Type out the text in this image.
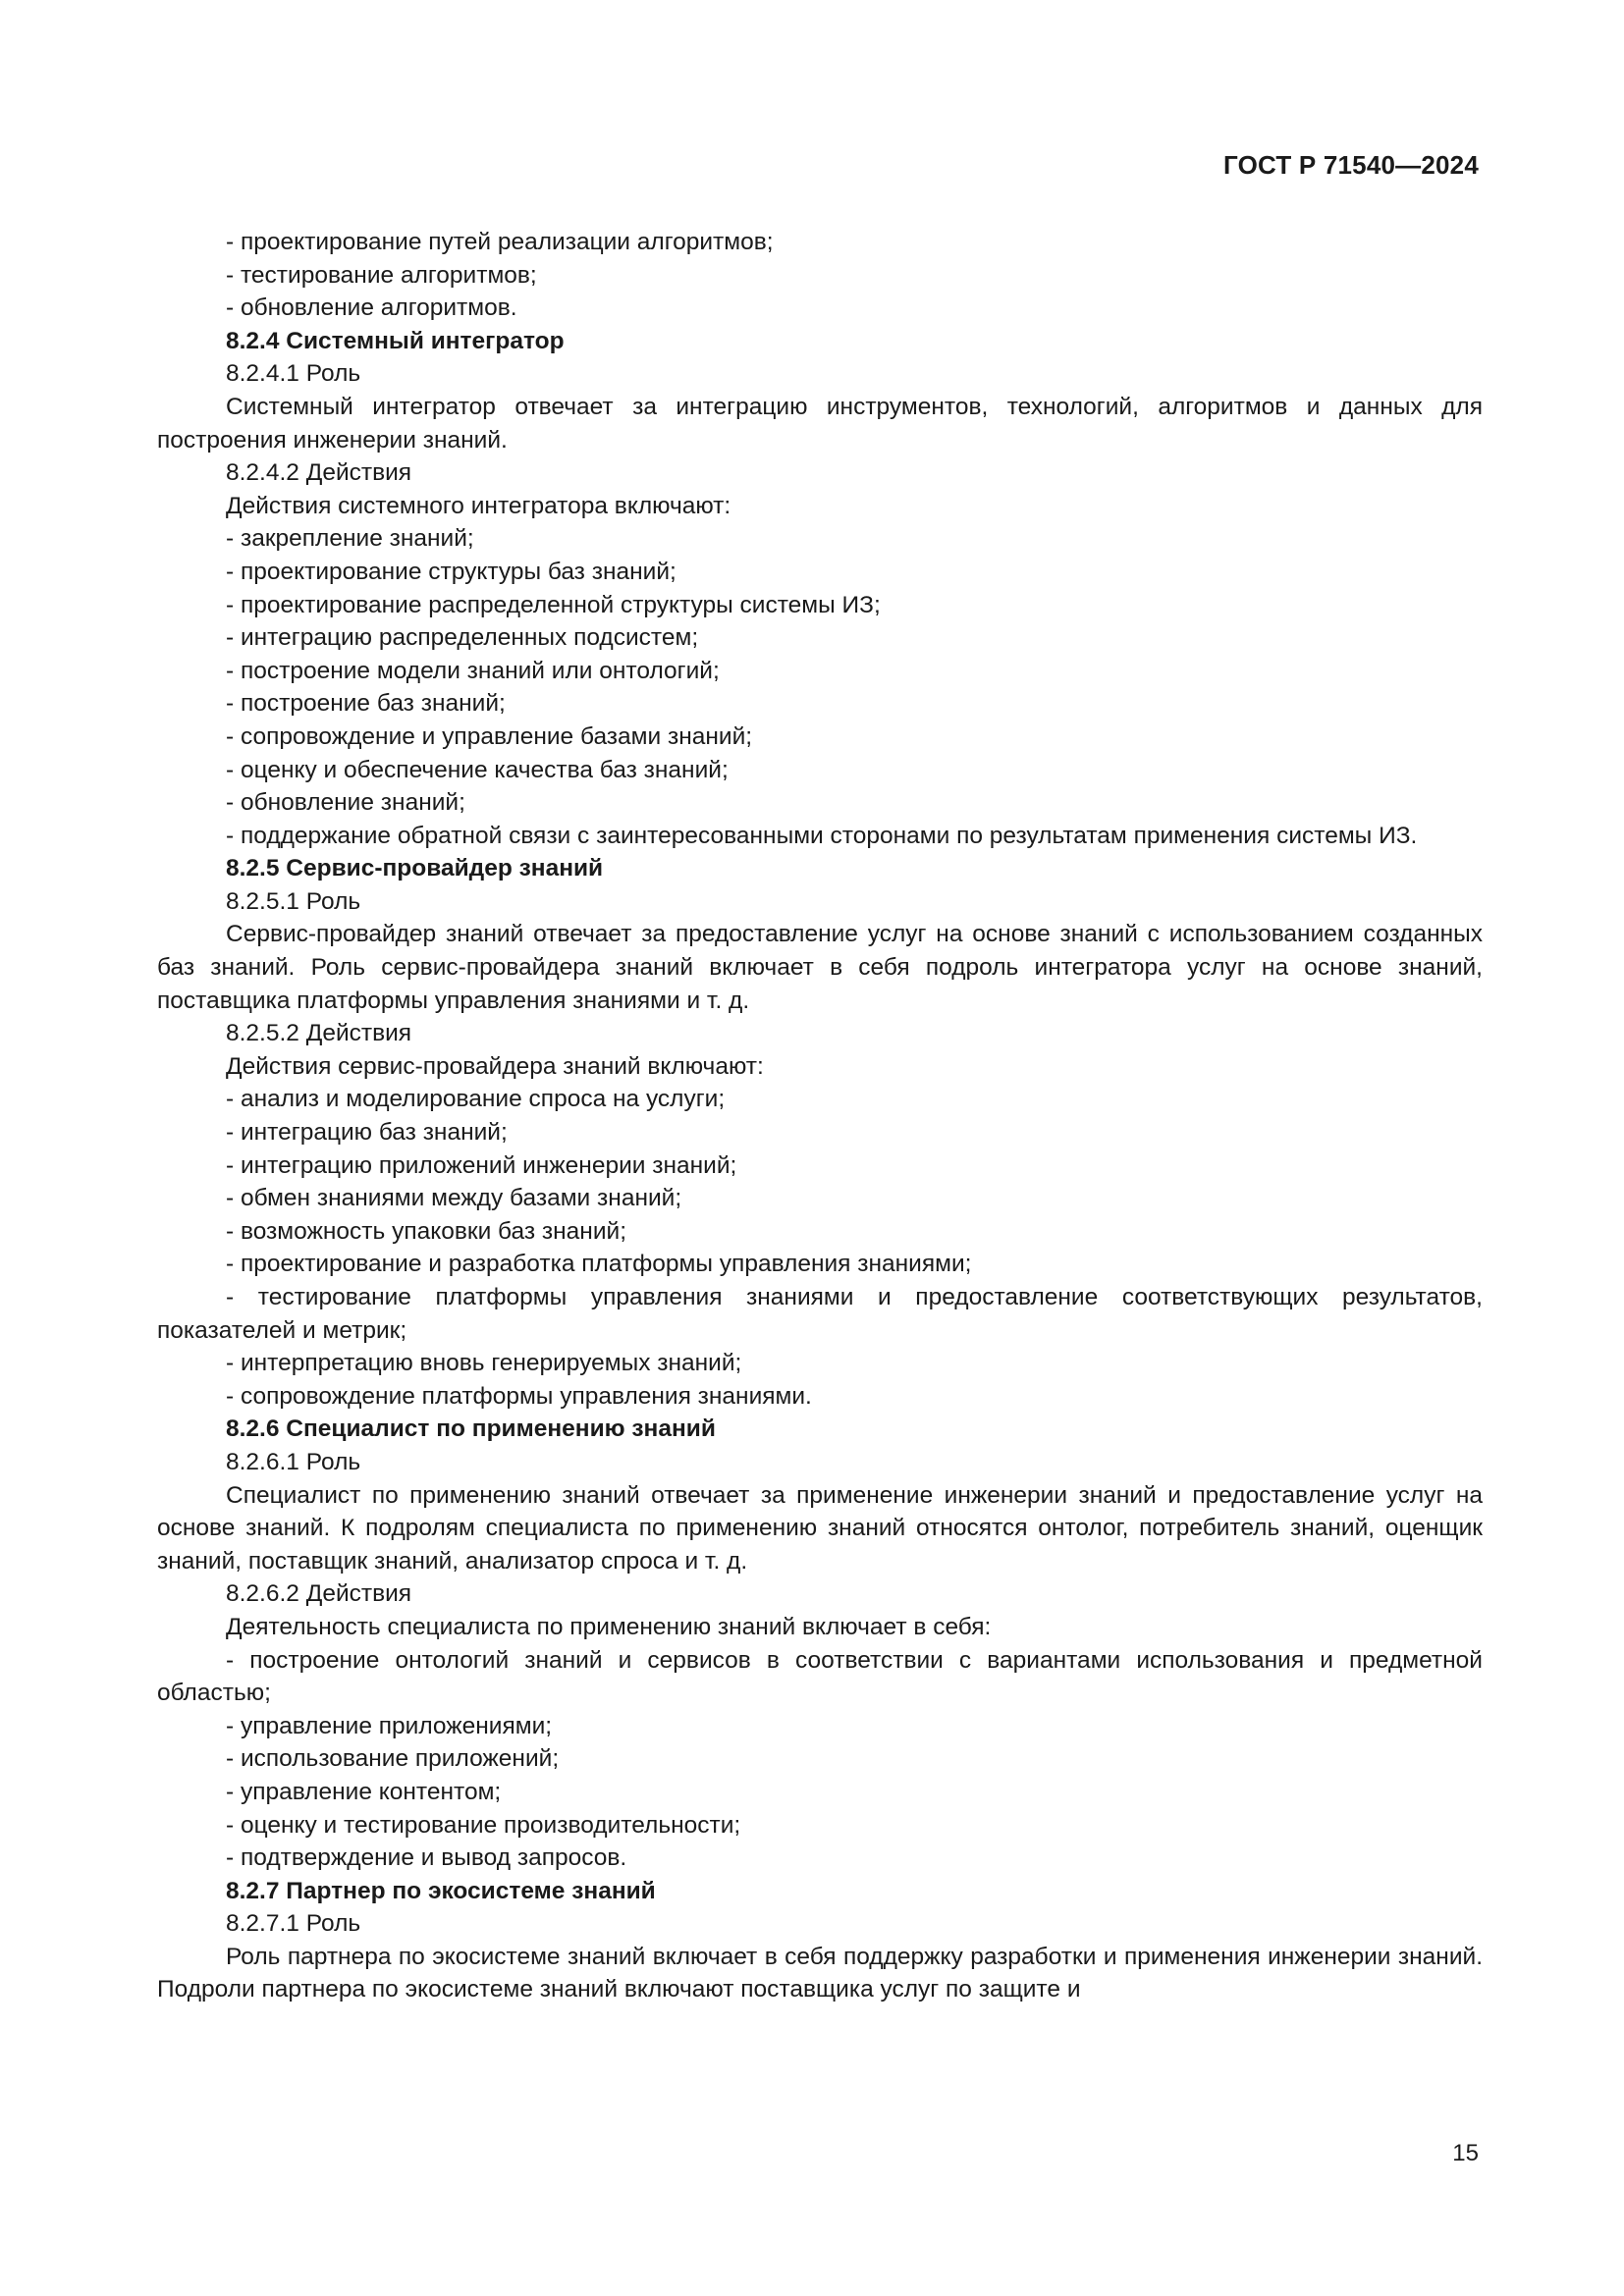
ГОСТ Р 71540—2024

- проектирование путей реализации алгоритмов;

- тестирование алгоритмов;

- обновление алгоритмов.

8.2.4 Системный интегратор

8.2.4.1 Роль

Системный интегратор отвечает за интеграцию инструментов, технологий, алгоритмов и данных для построения инженерии знаний.

8.2.4.2 Действия

Действия системного интегратора включают:

- закрепление знаний;

- проектирование структуры баз знаний;

- проектирование распределенной структуры системы ИЗ;

- интеграцию распределенных подсистем;

- построение модели знаний или онтологий;

- построение баз знаний;

- сопровождение и управление базами знаний;

- оценку и обеспечение качества баз знаний;

- обновление знаний;

- поддержание обратной связи с заинтересованными сторонами по результатам применения системы ИЗ.

8.2.5 Сервис-провайдер знаний

8.2.5.1 Роль

Сервис-провайдер знаний отвечает за предоставление услуг на основе знаний с использованием созданных баз знаний. Роль сервис-провайдера знаний включает в себя подроль интегратора услуг на основе знаний, поставщика платформы управления знаниями и т. д.

8.2.5.2 Действия

Действия сервис-провайдера знаний включают:

- анализ и моделирование спроса на услуги;

- интеграцию баз знаний;

- интеграцию приложений инженерии знаний;

- обмен знаниями между базами знаний;

- возможность упаковки баз знаний;

- проектирование и разработка платформы управления знаниями;

- тестирование платформы управления знаниями и предоставление соответствующих результатов, показателей и метрик;

- интерпретацию вновь генерируемых знаний;

- сопровождение платформы управления знаниями.

8.2.6 Специалист по применению знаний

8.2.6.1 Роль

Специалист по применению знаний отвечает за применение инженерии знаний и предоставление услуг на основе знаний. К подролям специалиста по применению знаний относятся онтолог, потребитель знаний, оценщик знаний, поставщик знаний, анализатор спроса и т. д.

8.2.6.2 Действия

Деятельность специалиста по применению знаний включает в себя:

- построение онтологий знаний и сервисов в соответствии с вариантами использования и предметной областью;

- управление приложениями;

- использование приложений;

- управление контентом;

- оценку и тестирование производительности;

- подтверждение и вывод запросов.

8.2.7 Партнер по экосистеме знаний

8.2.7.1 Роль

Роль партнера по экосистеме знаний включает в себя поддержку разработки и применения инженерии знаний. Подроли партнера по экосистеме знаний включают поставщика услуг по защите и

15
